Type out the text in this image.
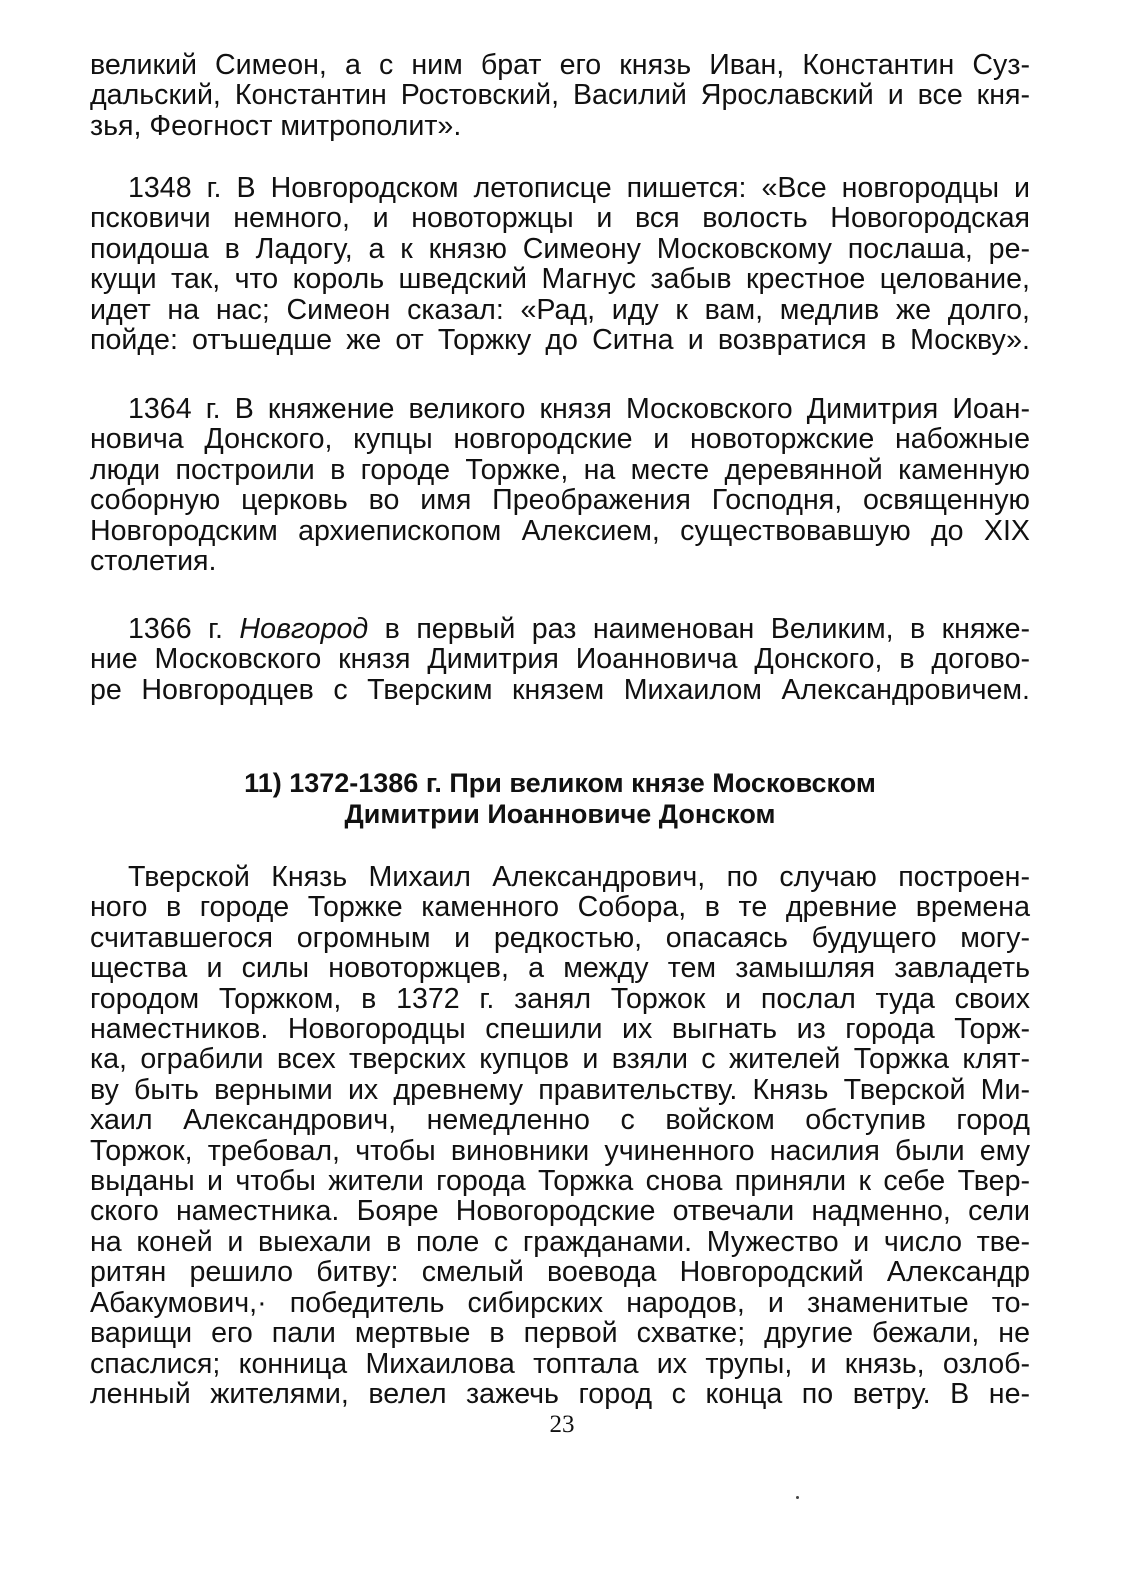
великий Симеон, а с ним брат его князь Иван, Константин Суз-
дальский, Константин Ростовский, Василий Ярославский и все кня-
зья, Феогност митрополит».

1348 г. В Новгородском летописце пишется: «Все новгородцы и
псковичи немного, и новоторжцы и вся волость Новогородская
поидоша в Ладогу, а к князю Симеону Московскому послаша, ре-
кущи так, что король шведский Магнус забыв крестное целование,
идет на нас; Симеон сказал: «Рад, иду к вам, медлив же долго,
пойде: отъшедше же от Торжку до Ситна и возвратися в Москву».

1364 г. В княжение великого князя Московского Димитрия Иоан-
новича Донского, купцы новгородские и новоторжские набожные
люди построили в городе Торжке, на месте деревянной каменную
соборную церковь во имя Преображения Господня, освященную
Новгородским архиепископом Алексием, существовавшую до XIX
столетия.

1366 г. Новгород в первый раз наименован Великим, в княже-
ние Московского князя Димитрия Иоанновича Донского, в догово-
ре Новгородцев с Тверским князем Михаилом Александровичем.

11) 1372-1386 г. При великом князе Московском
Димитрии Иоанновиче Донском

Тверской Князь Михаил Александрович, по случаю построен-
ного в городе Торжке каменного Собора, в те древние времена
считавшегося огромным и редкостью, опасаясь будущего могу-
щества и силы новоторжцев, а между тем замышляя завладеть
городом Торжком, в 1372 г. занял Торжок и послал туда своих
наместников. Новогородцы спешили их выгнать из города Торж-
ка, ограбили всех тверских купцов и взяли с жителей Торжка клят-
ву быть верными их древнему правительству. Князь Тверской Ми-
хаил Александрович, немедленно с войском обступив город
Торжок, требовал, чтобы виновники учиненного насилия были ему
выданы и чтобы жители города Торжка снова приняли к себе Твер-
ского наместника. Бояре Новогородские отвечали надменно, сели
на коней и выехали в поле с гражданами. Мужество и число тве-
ритян решило битву: смелый воевода Новгородский Александр
Абакумович,· победитель сибирских народов, и знаменитые то-
варищи его пали мертвые в первой схватке; другие бежали, не
спаслися; конница Михаилова топтала их трупы, и князь, озлоб-
ленный жителями, велел зажечь город с конца по ветру. В не-

23
